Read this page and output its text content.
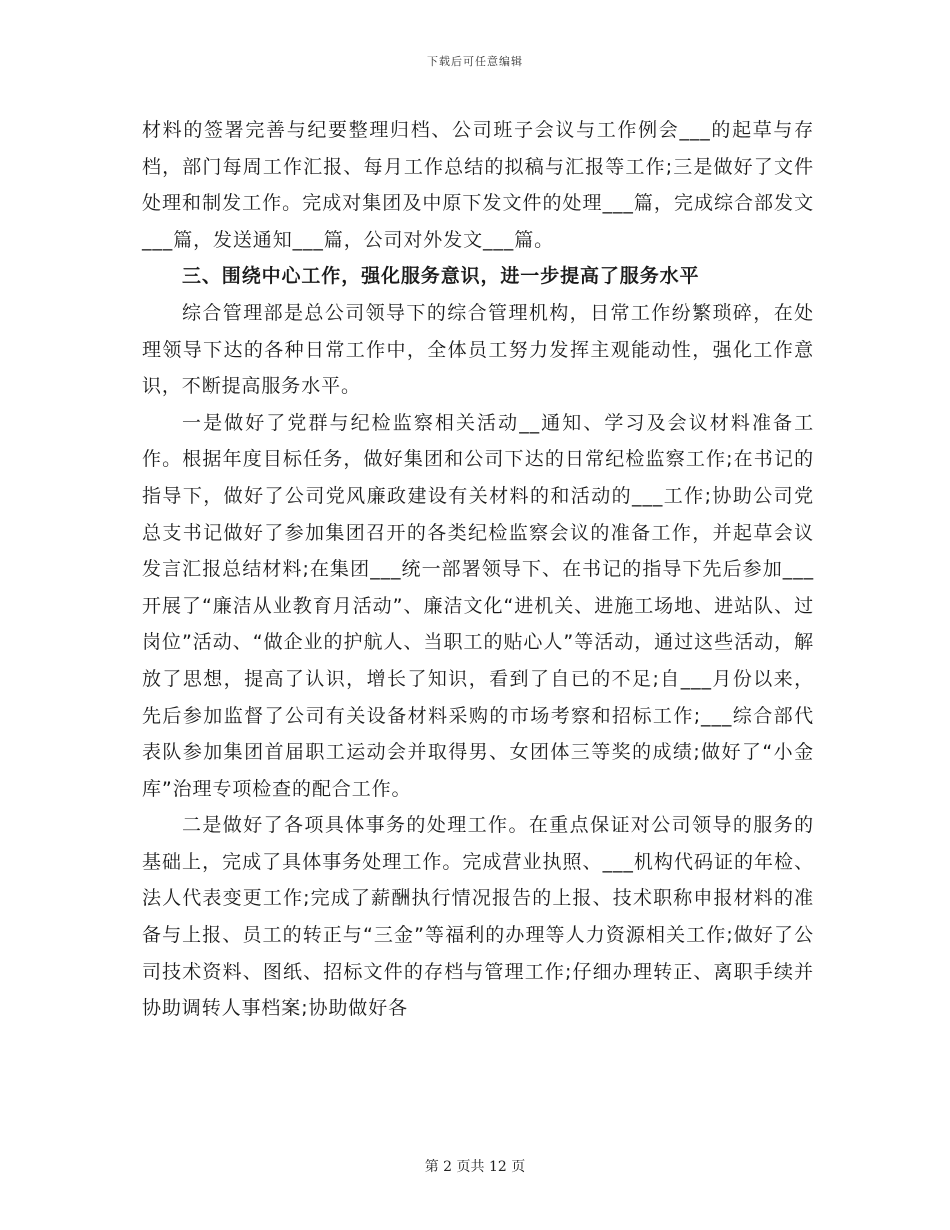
下载后可任意编辑

材料的签署完善与纪要整理归档、公司班子会议与工作例会___的起草与存档，部门每周工作汇报、每月工作总结的拟稿与汇报等工作;三是做好了文件处理和制发工作。完成对集团及中原下发文件的处理___篇，完成综合部发文___篇，发送通知___篇，公司对外发文___篇。

三、围绕中心工作，强化服务意识，进一步提高了服务水平

综合管理部是总公司领导下的综合管理机构，日常工作纷繁琐碎，在处理领导下达的各种日常工作中，全体员工努力发挥主观能动性，强化工作意识，不断提高服务水平。

一是做好了党群与纪检监察相关活动__通知、学习及会议材料准备工作。根据年度目标任务，做好集团和公司下达的日常纪检监察工作;在书记的指导下，做好了公司党风廉政建设有关材料的和活动的___工作;协助公司党总支书记做好了参加集团召开的各类纪检监察会议的准备工作，并起草会议发言汇报总结材料;在集团___统一部署领导下、在书记的指导下先后参加___开展了“廉洁从业教育月活动”、廉洁文化“进机关、进施工场地、进站队、过岗位”活动、“做企业的护航人、当职工的贴心人”等活动，通过这些活动，解放了思想，提高了认识，增长了知识，看到了自已的不足;自___月份以来，先后参加监督了公司有关设备材料采购的市场考察和招标工作;___综合部代表队参加集团首届职工运动会并取得男、女团体三等奖的成绩;做好了“小金库”治理专项检查的配合工作。

二是做好了各项具体事务的处理工作。在重点保证对公司领导的服务的基础上，完成了具体事务处理工作。完成营业执照、___机构代码证的年检、法人代表变更工作;完成了薪酬执行情况报告的上报、技术职称申报材料的准备与上报、员工的转正与“三金”等福利的办理等人力资源相关工作;做好了公司技术资料、图纸、招标文件的存档与管理工作;仔细办理转正、离职手续并协助调转人事档案;协助做好各

第 2 页共 12 页
